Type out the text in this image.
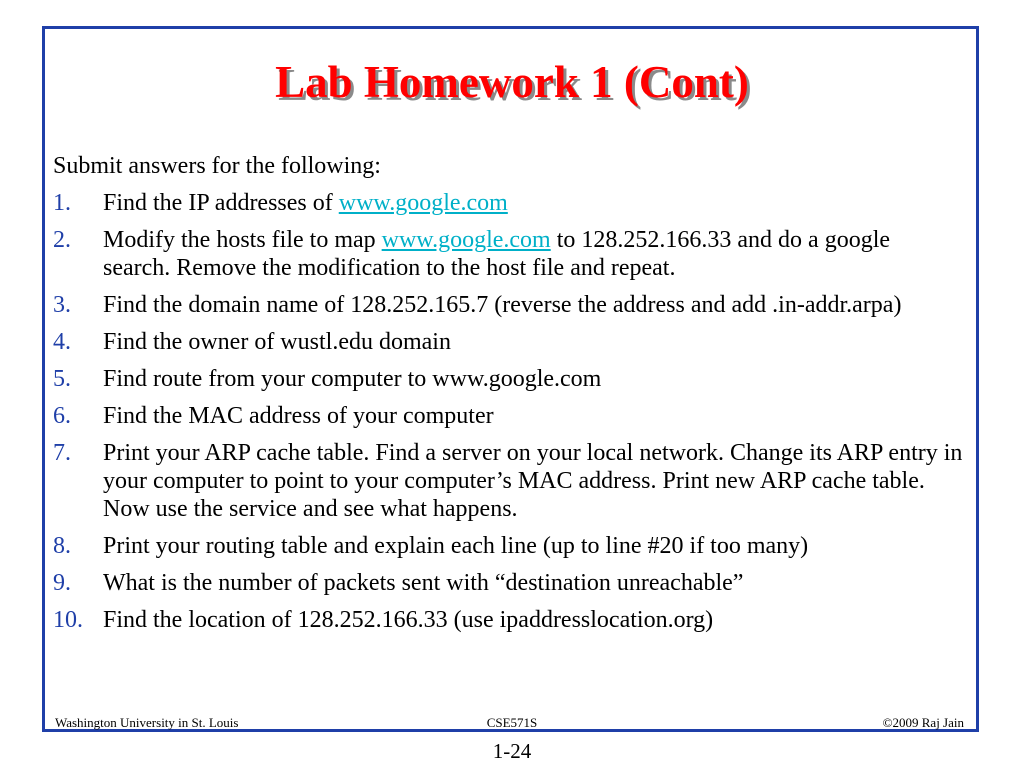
Lab Homework 1 (Cont)

Submit answers for the following:

1.	Find the IP addresses of www.google.com
2.	Modify the hosts file to map www.google.com to 128.252.166.33 and do a google search. Remove the modification to the host file and repeat.
3.	Find the domain name of 128.252.165.7 (reverse the address and add .in-addr.arpa)
4.	Find the owner of wustl.edu domain
5.	Find route from your computer to www.google.com
6.	Find the MAC address of your computer
7.	Print your ARP cache table. Find a server on your local network. Change its ARP entry in your computer to point to your computer’s MAC address. Print new ARP cache table. Now use the service and see what happens.
8.	Print your routing table and explain each line (up to line #20 if too many)
9.	What is the number of packets sent with “destination unreachable”
10. Find the location of 128.252.166.33 (use ipaddresslocation.org)
CSE571S
Washington University in St. Louis	©2009 Raj Jain
1-24
